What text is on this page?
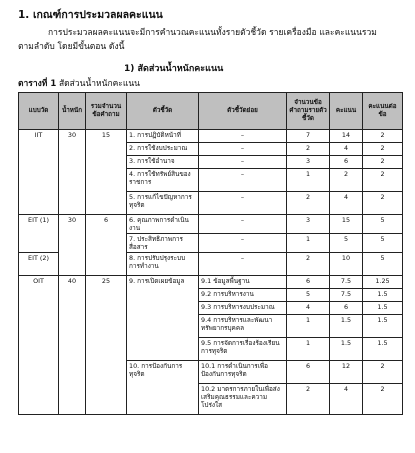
1. เกณฑ์การประมวลผลคะแนน
การประมวลผลคะแนนจะมีการคำนวณคะแนนทั้งรายตัวชี้วัด รายเครื่องมือ และคะแนนรวม
ตามลำดับ โดยมีขั้นตอน ดังนี้
1) สัดส่วนน้ำหนักคะแนน
ตารางที่ 1 สัดส่วนน้ำหนักคะแนน
แบบวัด	น้ำหนัก	รวมจำนวนข้อคำถาม	ตัวชี้วัด	ตัวชี้วัดย่อย	จำนวนข้อคำถามรายตัวชี้วัด	คะแนน	คะแนนต่อข้อ
IIT	30	15	1. การปฏิบัติหน้าที่	–	7	14	2
			2. การใช้งบประมาณ	–	2	4	2
			3. การใช้อำนาจ	–	3	6	2
			4. การใช้ทรัพย์สินของราชการ	–	1	2	2
			5. การแก้ไขปัญหาการทุจริต	–	2	4	2
EIT (1)	30	6	6. คุณภาพการดำเนินงาน	–	3	15	5
			7. ประสิทธิภาพการสื่อสาร	–	1	5	5
EIT (2)			8. การปรับปรุงระบบการทำงาน	–	2	10	5
OIT	40	25	9. การเปิดเผยข้อมูล	9.1 ข้อมูลพื้นฐาน	6	7.5	1.25
				9.2 การบริหารงาน	5	7.5	1.5
				9.3 การบริหารงบประมาณ	4	6	1.5
				9.4 การบริหารและพัฒนาทรัพยากรบุคคล	1	1.5	1.5
				9.5 การจัดการเรื่องร้องเรียนการทุจริต	1	1.5	1.5
			10. การป้องกันการทุจริต	10.1 การดำเนินการเพื่อป้องกันการทุจริต	6	12	2
				10.2 มาตรการภายในเพื่อส่งเสริมคุณธรรมและความโปร่งใส	2	4	2
